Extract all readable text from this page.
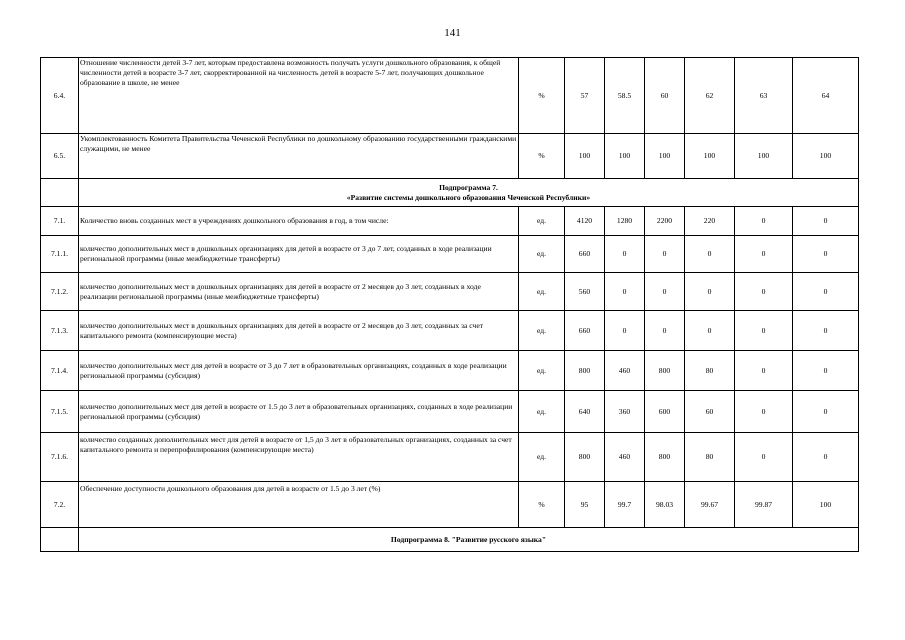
141
6.4.	Отношение численности детей 3-7 лет, которым предоставлена возможность получать услуги дошкольного образования, к общей численности детей в возрасте 3-7 лет, скорректированной на численность детей в возрасте 5-7 лет, получающих дошкольное образование в школе, не менее	%	57	58.5	60	62	63	64
6.5.	Укомплектованность Комитета Правительства Чеченской Республики по дошкольному образованию государственными гражданскими служащими, не менее	%	100	100	100	100	100	100

	Подпрограмма 7.
«Развитие системы дошкольного образования Чеченской Республики»							

7.1.	Количество вновь созданных мест в учреждениях дошкольного образования в год, в том числе:	ед.	4120	1280	2200	220	0	0
7.1.1.	количество дополнительных мест в дошкольных организациях для детей в возрасте от 3 до 7 лет, созданных в ходе реализации региональной программы (иные межбюджетные трансферты)	ед.	660	0	0	0	0	0
7.1.2.	количество дополнительных мест в дошкольных организациях для детей в возрасте от 2 месяцев до 3 лет, созданных в ходе реализации региональной программы (иные межбюджетные трансферты)	ед.	560	0	0	0	0	0
7.1.3.	количество дополнительных мест в дошкольных организациях для детей в возрасте от 2 месяцев до 3 лет, созданных за счет капитального ремонта (компенсирующие места)	ед.	660	0	0	0	0	0
7.1.4.	количество дополнительных мест для детей в возрасте от 3 до 7 лет в образовательных организациях, созданных в ходе реализации региональной программы (субсидия)	ед.	800	460	800	80	0	0
7.1.5.	количество дополнительных мест для детей в возрасте от 1.5 до 3 лет в образовательных организациях, созданных в ходе реализации региональной программы (субсидия)	ед.	640	360	600	60	0	0
7.1.6.	количество созданных дополнительных мест для детей в возрасте от 1,5 до 3 лет в образовательных организациях, созданных за счет капитального ремонта и перепрофилирования (компенсирующие места)	ед.	800	460	800	80	0	0
7.2.	Обеспечение доступности дошкольного образования для детей в возрасте от 1.5 до 3 лет (%)	%	95	99.7	98.03	99.67	99.87	100
	Подпрограмма 8. "Развитие русского языка"							
